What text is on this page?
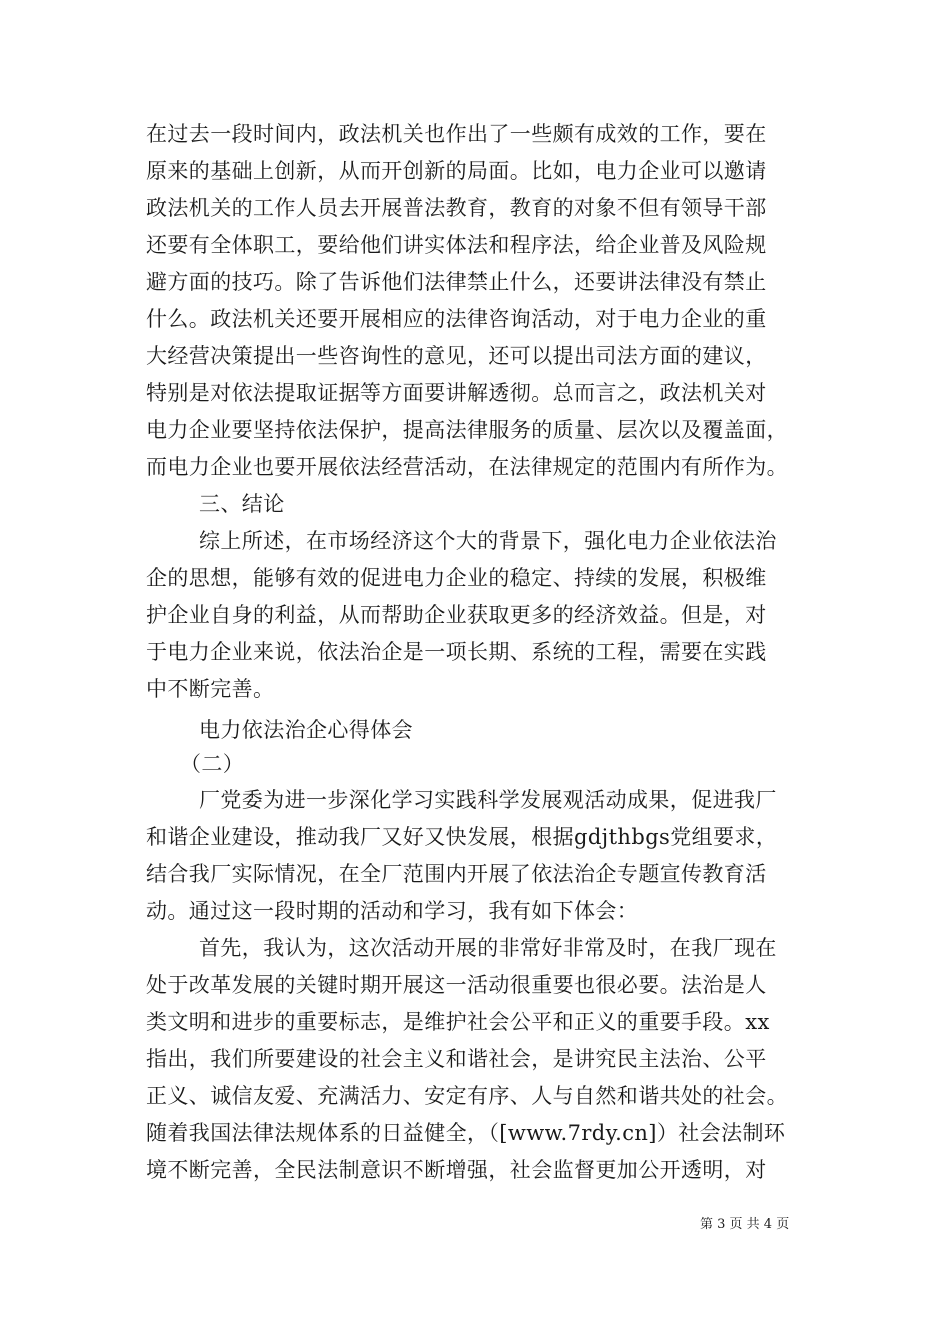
在过去一段时间内，政法机关也作出了一些颇有成效的工作，要在
原来的基础上创新，从而开创新的局面。比如，电力企业可以邀请
政法机关的工作人员去开展普法教育，教育的对象不但有领导干部
还要有全体职工，要给他们讲实体法和程序法，给企业普及风险规
避方面的技巧。除了告诉他们法律禁止什么，还要讲法律没有禁止
什么。政法机关还要开展相应的法律咨询活动，对于电力企业的重
大经营决策提出一些咨询性的意见，还可以提出司法方面的建议，
特别是对依法提取证据等方面要讲解透彻。总而言之，政法机关对
电力企业要坚持依法保护，提高法律服务的质量、层次以及覆盖面，
而电力企业也要开展依法经营活动，在法律规定的范围内有所作为。
三、结论
综上所述，在市场经济这个大的背景下，强化电力企业依法治
企的思想，能够有效的促进电力企业的稳定、持续的发展，积极维
护企业自身的利益，从而帮助企业获取更多的经济效益。但是，对
于电力企业来说，依法治企是一项长期、系统的工程，需要在实践
中不断完善。
电力依法治企心得体会
（二）
厂党委为进一步深化学习实践科学发展观活动成果，促进我厂
和谐企业建设，推动我厂又好又快发展，根据gdjthbgs党组要求，
结合我厂实际情况，在全厂范围内开展了依法治企专题宣传教育活
动。通过这一段时期的活动和学习，我有如下体会：
首先，我认为，这次活动开展的非常好非常及时，在我厂现在
处于改革发展的关键时期开展这一活动很重要也很必要。法治是人
类文明和进步的重要标志，是维护社会公平和正义的重要手段。xx
指出，我们所要建设的社会主义和谐社会，是讲究民主法治、公平
正义、诚信友爱、充满活力、安定有序、人与自然和谐共处的社会。
随着我国法律法规体系的日益健全，（[www.7rdy.cn]）社会法制环
境不断完善，全民法制意识不断增强，社会监督更加公开透明，对
第 3 页 共 4 页
